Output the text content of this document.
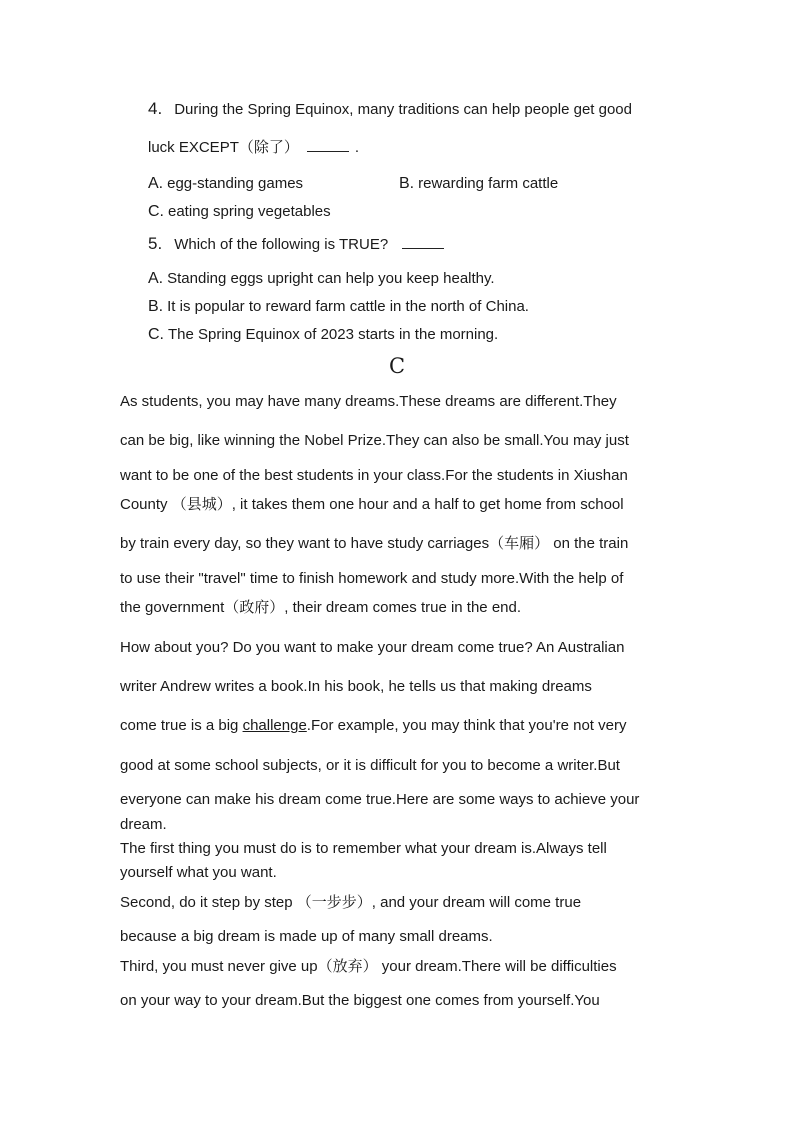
4. During the Spring Equinox, many traditions can help people get good
luck EXCEPT（除了）	.
A. egg-standing games	B. rewarding farm cattle
C. eating spring vegetables
5. Which of the following is TRUE?
A. Standing eggs upright can help you keep healthy.
B. It is popular to reward farm cattle in the north of China.
C. The Spring Equinox of 2023 starts in the morning.
C
As students, you may have many dreams.These dreams are different.They
can be big, like winning the Nobel Prize.They can also be small.You may just
want to be one of the best students in your class.For the students in Xiushan
County （县城）, it takes them one hour and a half to get home from school
by train every day, so they want to have study carriages（车厢） on the train
to use their "travel" time to finish homework and study more.With the help of
the government（政府）, their dream comes true in the end.
How about you? Do you want to make your dream come true? An Australian
writer Andrew writes a book.In his book, he tells us that making dreams
come true is a big challenge.For example, you may think that you're not very
good at some school subjects, or it is difficult for you to become a writer.But
everyone can make his dream come true.Here are some ways to achieve your
dream.
The first thing you must do is to remember what your dream is.Always tell
yourself what you want.
Second, do it step by step （一步步）, and your dream will come true
because a big dream is made up of many small dreams.
Third, you must never give up（放弃） your dream.There will be difficulties
on your way to your dream.But the biggest one comes from yourself.You
